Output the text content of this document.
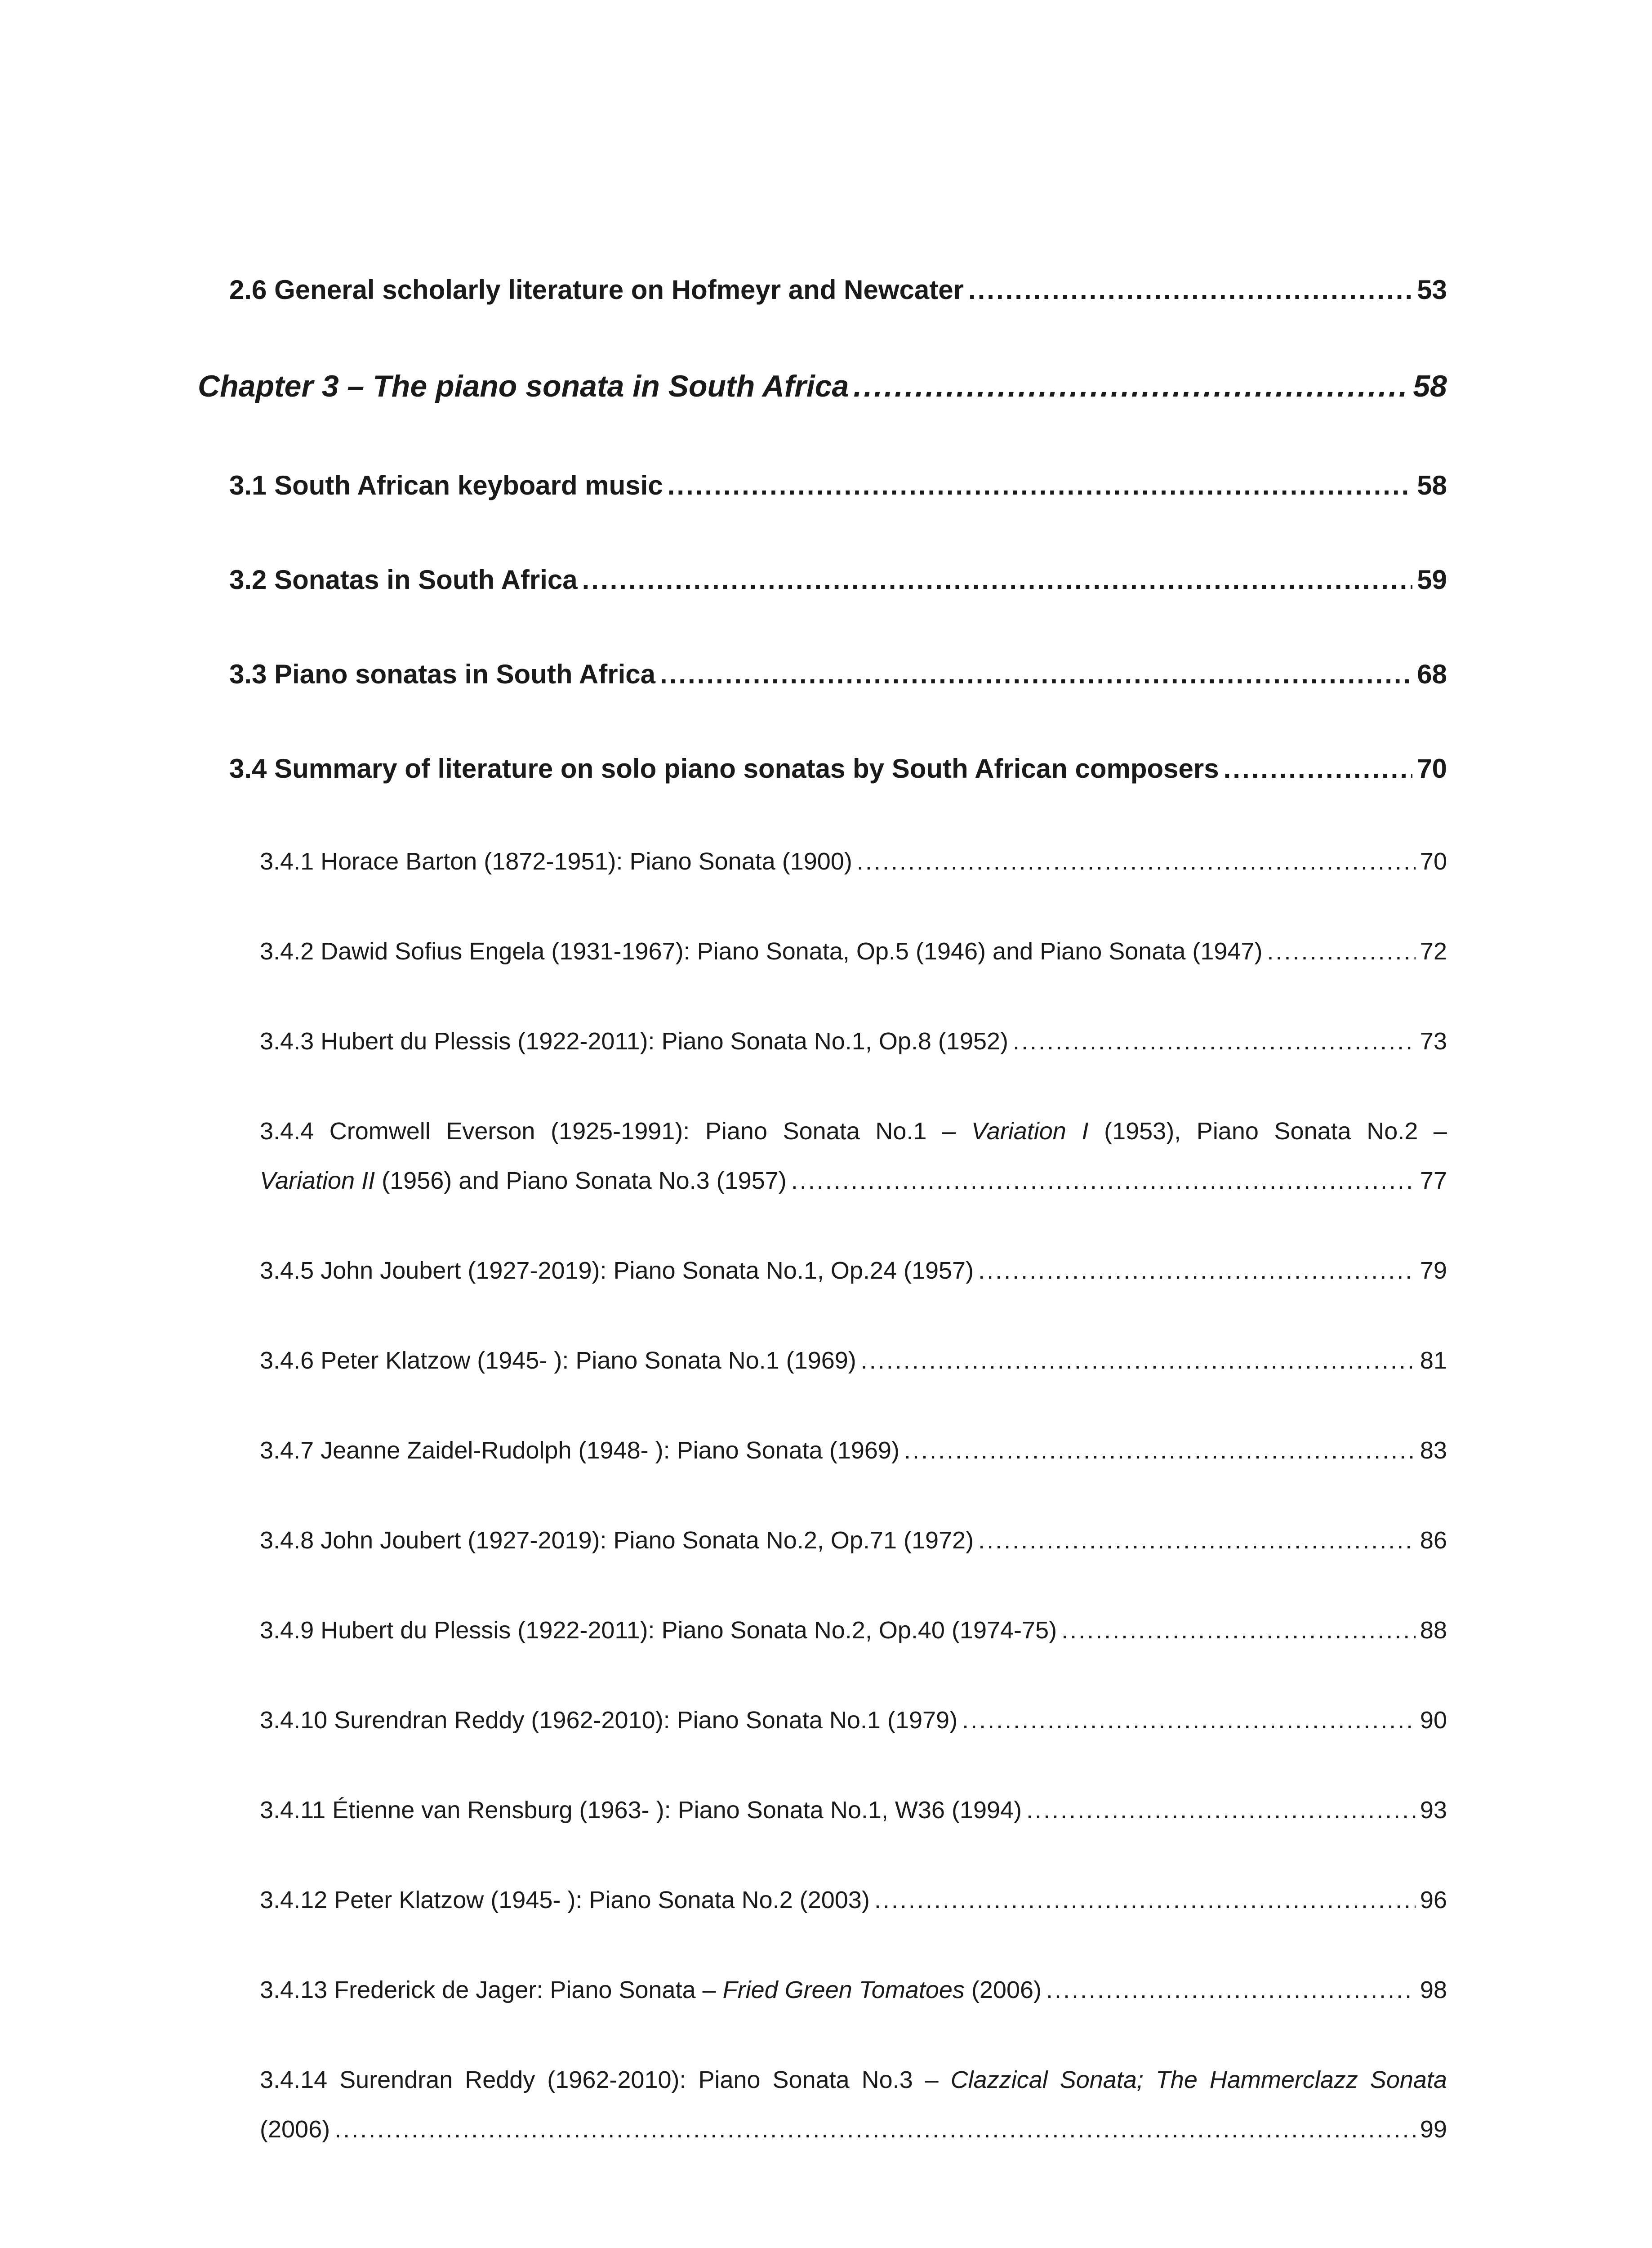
2.6 General scholarly literature on Hofmeyr and Newcater .....	53
Chapter 3 – The piano sonata in South Africa .....	58
3.1 South African keyboard music .....	58
3.2 Sonatas in South Africa .....	59
3.3 Piano sonatas in South Africa .....	68
3.4 Summary of literature on solo piano sonatas by South African composers .....	70
3.4.1 Horace Barton (1872-1951): Piano Sonata (1900) .....	70
3.4.2 Dawid Sofius Engela (1931-1967): Piano Sonata, Op.5 (1946) and Piano Sonata (1947) .....	72
3.4.3 Hubert du Plessis (1922-2011): Piano Sonata No.1, Op.8 (1952) .....	73
3.4.4 Cromwell Everson (1925-1991): Piano Sonata No.1 – Variation I (1953), Piano Sonata No.2 –
Variation II (1956) and Piano Sonata No.3 (1957) .....	77
3.4.5 John Joubert (1927-2019): Piano Sonata No.1, Op.24 (1957) .....	79
3.4.6 Peter Klatzow (1945- ): Piano Sonata No.1 (1969) .....	81
3.4.7 Jeanne Zaidel-Rudolph (1948- ): Piano Sonata (1969) .....	83
3.4.8 John Joubert (1927-2019): Piano Sonata No.2, Op.71 (1972) .....	86
3.4.9 Hubert du Plessis (1922-2011): Piano Sonata No.2, Op.40 (1974-75) .....	88
3.4.10 Surendran Reddy (1962-2010): Piano Sonata No.1 (1979) .....	90
3.4.11 Étienne van Rensburg (1963- ): Piano Sonata No.1, W36 (1994) .....	93
3.4.12 Peter Klatzow (1945- ): Piano Sonata No.2 (2003) .....	96
3.4.13 Frederick de Jager: Piano Sonata – Fried Green Tomatoes (2006) .....	98
3.4.14 Surendran Reddy (1962-2010): Piano Sonata No.3 – Clazzical Sonata; The Hammerclazz Sonata
(2006) .....	99
